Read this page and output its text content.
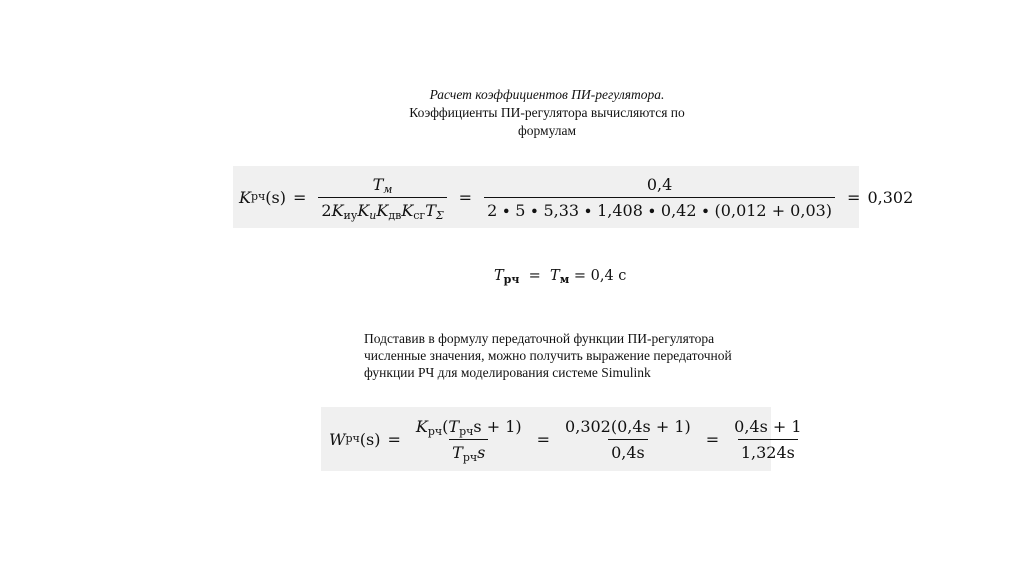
Расчет коэффициентов ПИ-регулятора.
Коэффициенты ПИ-регулятора вычисляются по
формулам
K рч $(s) = \frac{T_м}{2K_{иу}K_иK_{дв}K_{сг}T_\Sigma} = \frac{0,4}{2 \cdot 5 \cdot 5,33 \cdot 1,408 \cdot 0,42 \cdot (0,012 + 0,03)} = 0,302$
$T_{рч} = T_м = 0,4$ с
Подставив в формулу передаточной функции ПИ-регулятора
численные значения, можно получить выражение передаточной
функции РЧ для моделирования системе Simulink
W рч $(s) = \frac{K_{рч}(T_{рч}s + 1)}{T_{рч}s} = \frac{0,302(0,4s + 1)}{0,4s} = \frac{0,4s + 1}{1,324s}$
